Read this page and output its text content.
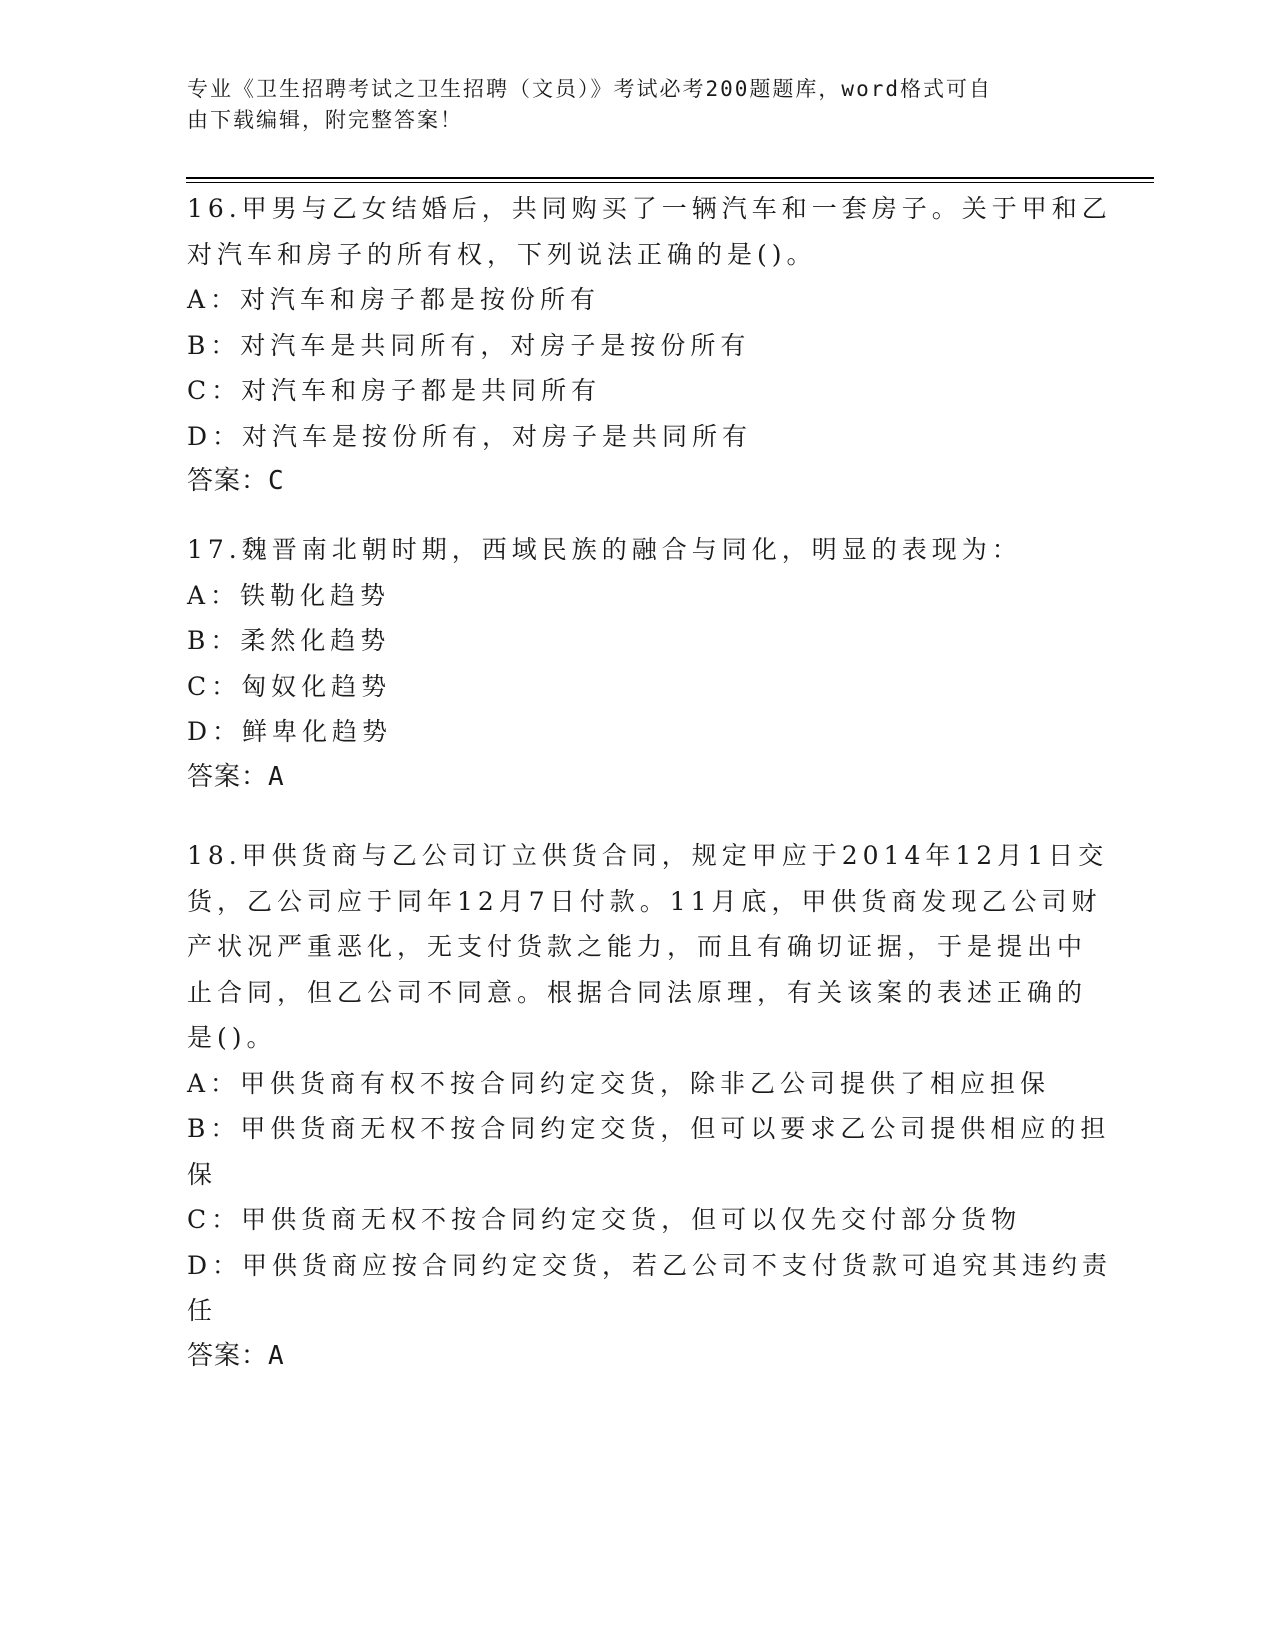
专业《卫生招聘考试之卫生招聘（文员）》考试必考200题题库，word格式可自
由下载编辑，附完整答案！
16.甲男与乙女结婚后，共同购买了一辆汽车和一套房子。关于甲和乙
对汽车和房子的所有权，下列说法正确的是()。
A：对汽车和房子都是按份所有
B：对汽车是共同所有，对房子是按份所有
C：对汽车和房子都是共同所有
D：对汽车是按份所有，对房子是共同所有
答案：C
17.魏晋南北朝时期，西域民族的融合与同化，明显的表现为：
A：铁勒化趋势
B：柔然化趋势
C：匈奴化趋势
D：鲜卑化趋势
答案：A
18.甲供货商与乙公司订立供货合同，规定甲应于2014年12月1日交
货，乙公司应于同年12月7日付款。11月底，甲供货商发现乙公司财
产状况严重恶化，无支付货款之能力，而且有确切证据，于是提出中
止合同，但乙公司不同意。根据合同法原理，有关该案的表述正确的
是()。
A：甲供货商有权不按合同约定交货，除非乙公司提供了相应担保
B：甲供货商无权不按合同约定交货，但可以要求乙公司提供相应的担
保
C：甲供货商无权不按合同约定交货，但可以仅先交付部分货物
D：甲供货商应按合同约定交货，若乙公司不支付货款可追究其违约责
任
答案：A
